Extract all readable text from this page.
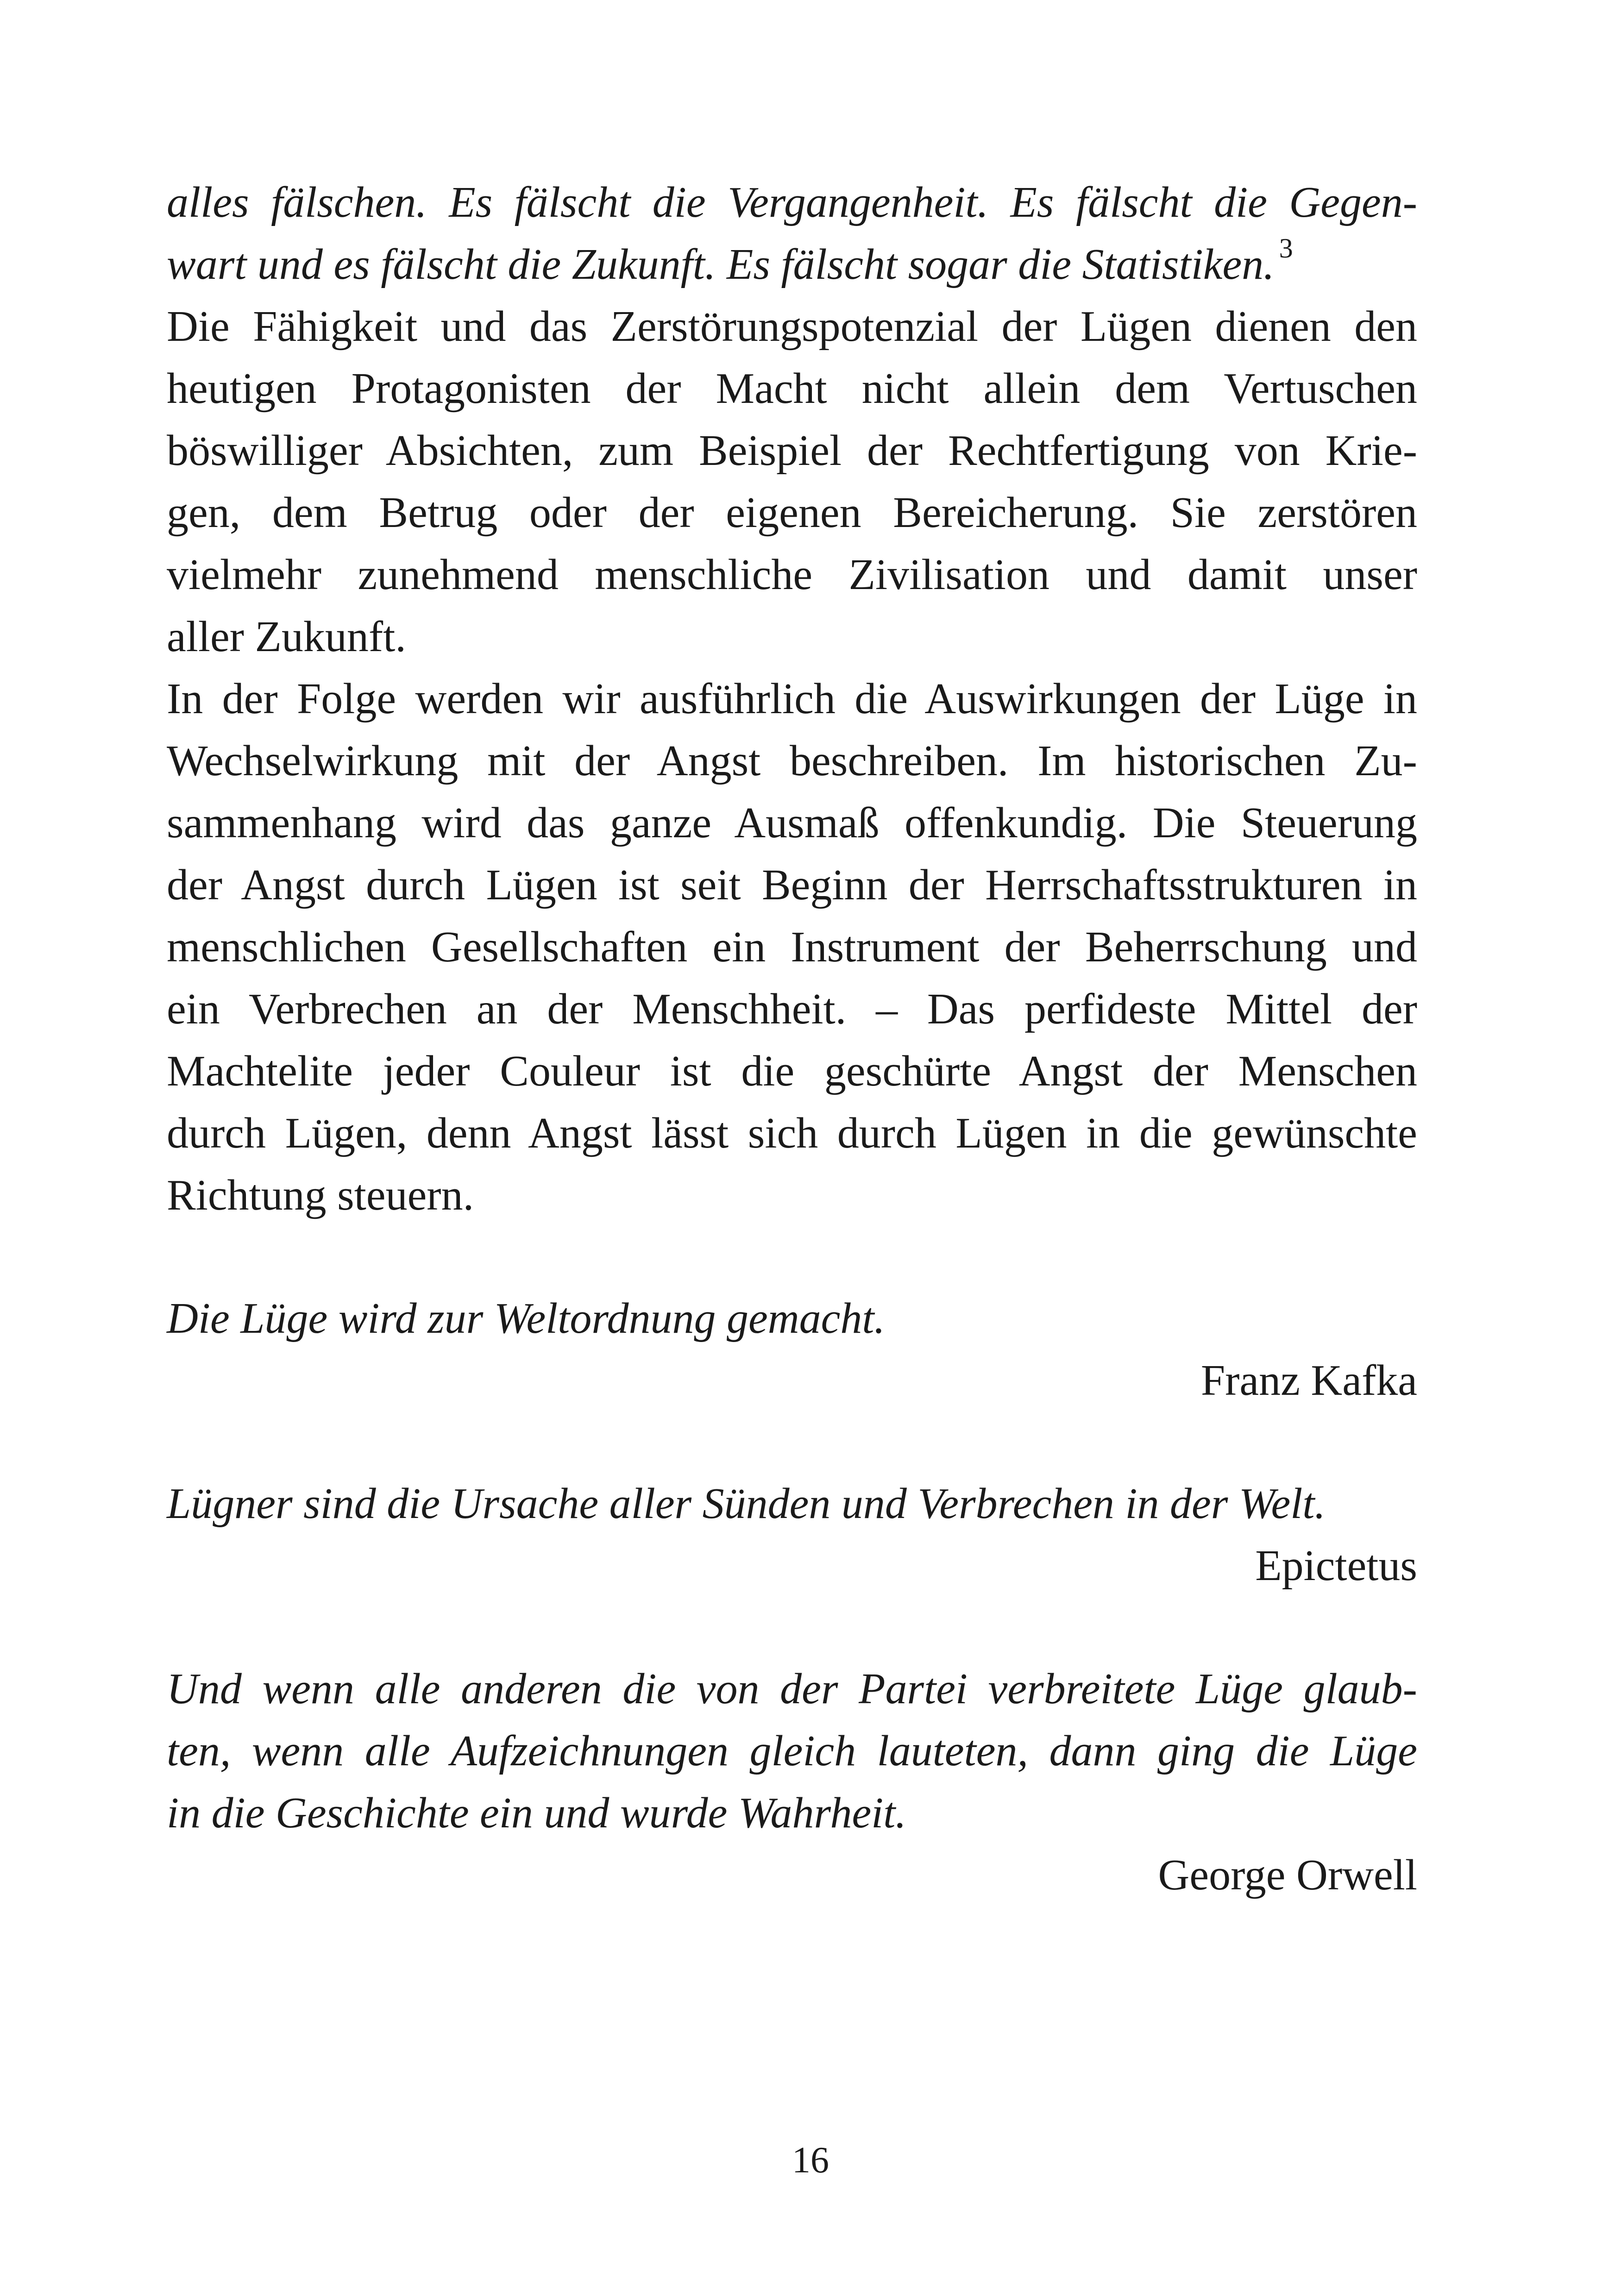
alles fälschen. Es fälscht die Vergangenheit. Es fälscht die Gegen-
wart und es fälscht die Zukunft. Es fälscht sogar die Statistiken. $^3$
Die Fähigkeit und das Zerstörungspotenzial der Lügen dienen den
heutigen Protagonisten der Macht nicht allein dem Vertuschen
böswilliger Absichten, zum Beispiel der Rechtfertigung von Krie-
gen, dem Betrug oder der eigenen Bereicherung. Sie zerstören
vielmehr zunehmend menschliche Zivilisation und damit unser
aller Zukunft.
In der Folge werden wir ausführlich die Auswirkungen der Lüge in
Wechselwirkung mit der Angst beschreiben. Im historischen Zu-
sammenhang wird das ganze Ausmaß offenkundig. Die Steuerung
der Angst durch Lügen ist seit Beginn der Herrschaftsstrukturen in
menschlichen Gesellschaften ein Instrument der Beherrschung und
ein Verbrechen an der Menschheit. – Das perfideste Mittel der
Machtelite jeder Couleur ist die geschürte Angst der Menschen
durch Lügen, denn Angst lässt sich durch Lügen in die gewünschte
Richtung steuern.
Die Lüge wird zur Weltordnung gemacht.
Franz Kafka
Lügner sind die Ursache aller Sünden und Verbrechen in der Welt.
Epictetus
Und wenn alle anderen die von der Partei verbreitete Lüge glaub-
ten, wenn alle Aufzeichnungen gleich lauteten, dann ging die Lüge
in die Geschichte ein und wurde Wahrheit.
George Orwell
16
